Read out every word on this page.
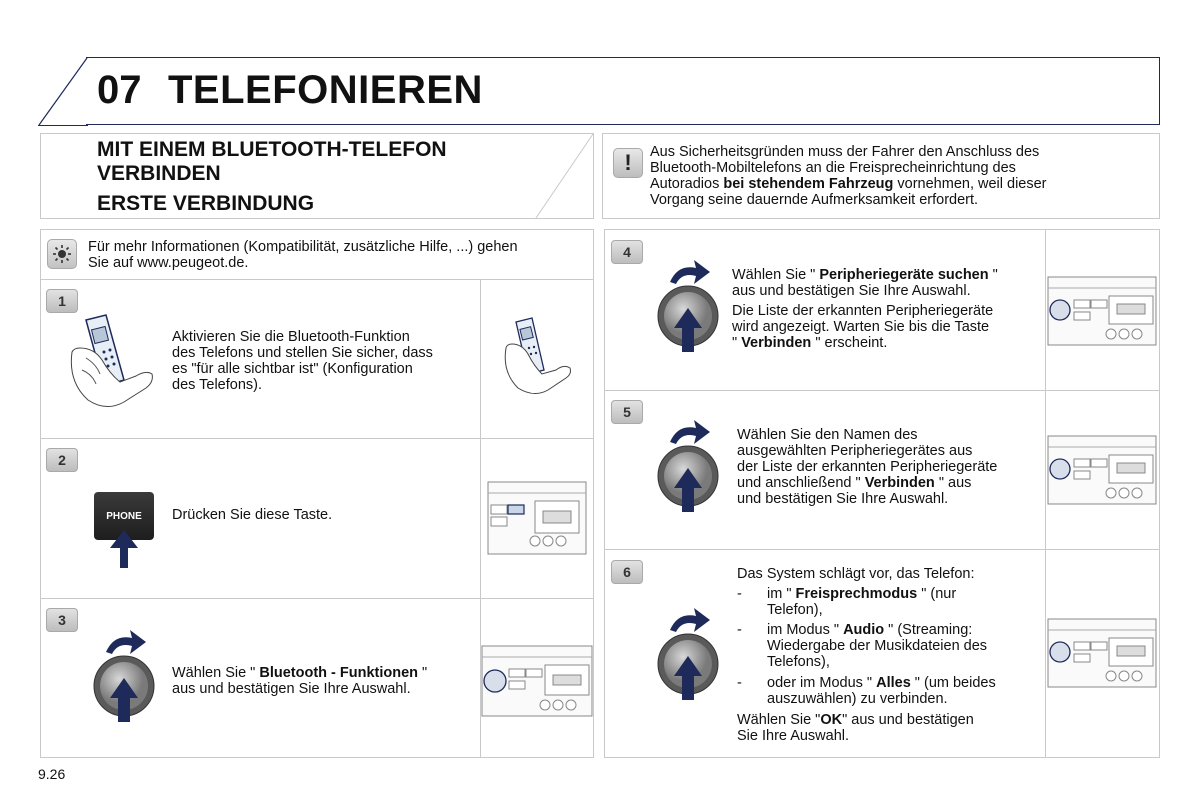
07 TELEFONIEREN
MIT EINEM BLUETOOTH-TELEFON
VERBINDEN
ERSTE VERBINDUNG
!	Aus Sicherheitsgründen muss der Fahrer den Anschluss des
Bluetooth-Mobiltelefons an die Freisprecheinrichtung des
Autoradios bei stehendem Fahrzeug vornehmen, weil dieser
Vorgang seine dauernde Aufmerksamkeit erfordert.
Für mehr Informationen (Kompatibilität, zusätzliche Hilfe, ...) gehen
Sie auf www.peugeot.de.
1
Aktivieren Sie die Bluetooth-Funktion
des Telefons und stellen Sie sicher, dass
es "für alle sichtbar ist" (Konfiguration
des Telefons).
2
PHONE	Drücken Sie diese Taste.
3
Wählen Sie " Bluetooth - Funktionen "
aus und bestätigen Sie Ihre Auswahl.
4
Wählen Sie " Peripheriegeräte suchen "
aus und bestätigen Sie Ihre Auswahl.
Die Liste der erkannten Peripheriegeräte
wird angezeigt. Warten Sie bis die Taste
" Verbinden " erscheint.
5
Wählen Sie den Namen des
ausgewählten Peripheriegerätes aus
der Liste der erkannten Peripheriegeräte
und anschließend " Verbinden " aus
und bestätigen Sie Ihre Auswahl.
6	Das System schlägt vor, das Telefon:
- im " Freisprechmodus " (nur
Telefon),
- im Modus " Audio " (Streaming:
Wiedergabe der Musikdateien des
Telefons),
- oder im Modus " Alles " (um beides
auszuwählen) zu verbinden.
Wählen Sie "OK" aus und bestätigen
Sie Ihre Auswahl.
9.26
